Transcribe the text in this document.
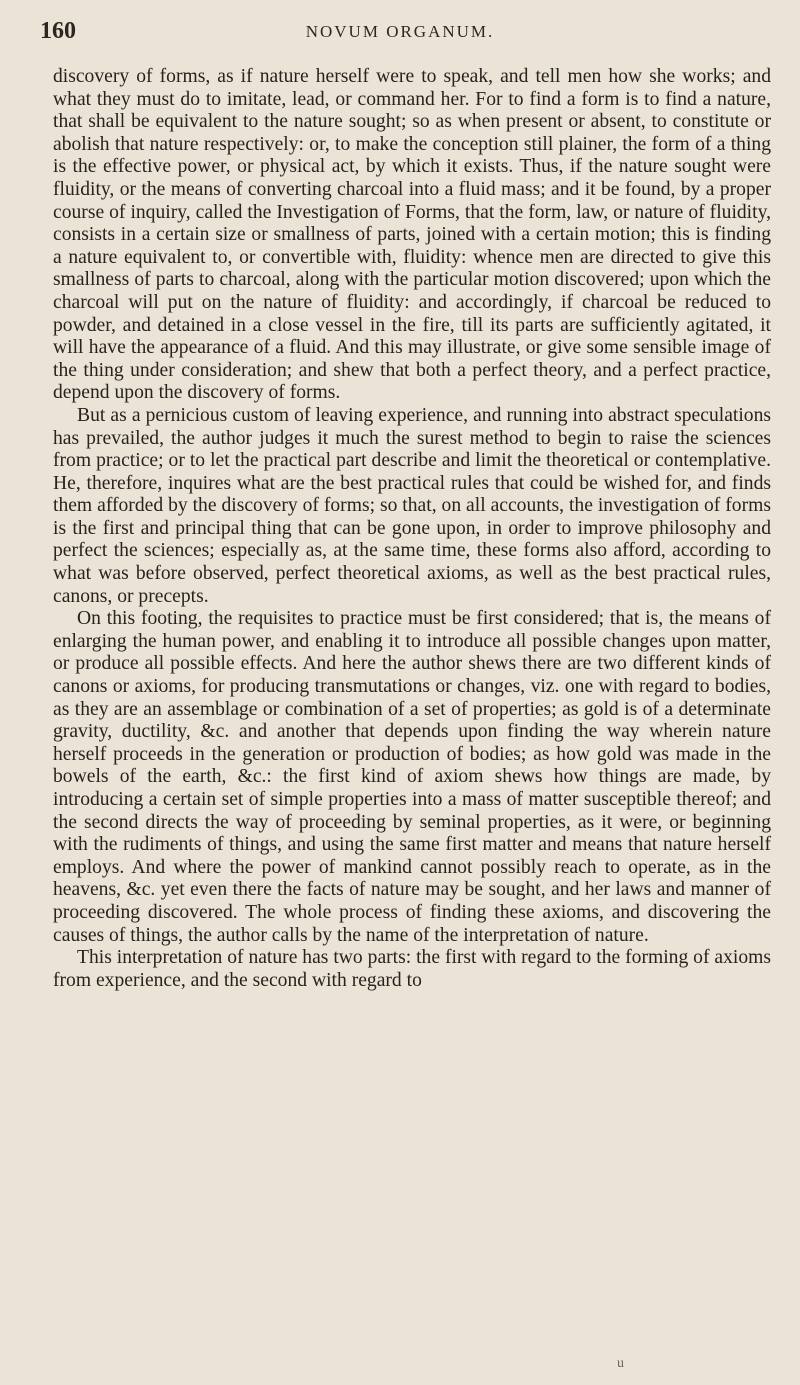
160	NOVUM ORGANUM.

discovery of forms, as if nature herself were to speak, and tell men how she works; and what they must do to imitate, lead, or command her. For to find a form is to find a nature, that shall be equivalent to the nature sought; so as when present or absent, to constitute or abolish that nature respectively: or, to make the conception still plainer, the form of a thing is the effective power, or physical act, by which it exists. Thus, if the nature sought were fluidity, or the means of converting charcoal into a fluid mass; and it be found, by a proper course of inquiry, called the Investigation of Forms, that the form, law, or nature of fluidity, consists in a certain size or smallness of parts, joined with a certain motion; this is finding a nature equivalent to, or convertible with, fluidity: whence men are directed to give this smallness of parts to charcoal, along with the particular motion discovered; upon which the charcoal will put on the nature of fluidity: and accordingly, if charcoal be reduced to powder, and detained in a close vessel in the fire, till its parts are sufficiently agitated, it will have the appearance of a fluid. And this may illustrate, or give some sensible image of the thing under consideration; and shew that both a perfect theory, and a perfect practice, depend upon the discovery of forms.

But as a pernicious custom of leaving experience, and running into abstract speculations has prevailed, the author judges it much the surest method to begin to raise the sciences from practice; or to let the practical part describe and limit the theoretical or contemplative. He, therefore, inquires what are the best practical rules that could be wished for, and finds them afforded by the discovery of forms; so that, on all accounts, the investigation of forms is the first and principal thing that can be gone upon, in order to improve philosophy and perfect the sciences; especially as, at the same time, these forms also afford, according to what was before observed, perfect theoretical axioms, as well as the best practical rules, canons, or precepts.

On this footing, the requisites to practice must be first considered; that is, the means of enlarging the human power, and enabling it to introduce all possible changes upon matter, or produce all possible effects. And here the author shews there are two different kinds of canons or axioms, for producing transmutations or changes, viz. one with regard to bodies, as they are an assemblage or combination of a set of properties; as gold is of a determinate gravity, ductility, &c. and another that depends upon finding the way wherein nature herself proceeds in the generation or production of bodies; as how gold was made in the bowels of the earth, &c.: the first kind of axiom shews how things are made, by introducing a certain set of simple properties into a mass of matter susceptible thereof; and the second directs the way of proceeding by seminal properties, as it were, or beginning with the rudiments of things, and using the same first matter and means that nature herself employs. And where the power of mankind cannot possibly reach to operate, as in the heavens, &c. yet even there the facts of nature may be sought, and her laws and manner of proceeding discovered. The whole process of finding these axioms, and discovering the causes of things, the author calls by the name of the interpretation of nature.

This interpretation of nature has two parts: the first with regard to the forming of axioms from experience, and the second with regard to

u
